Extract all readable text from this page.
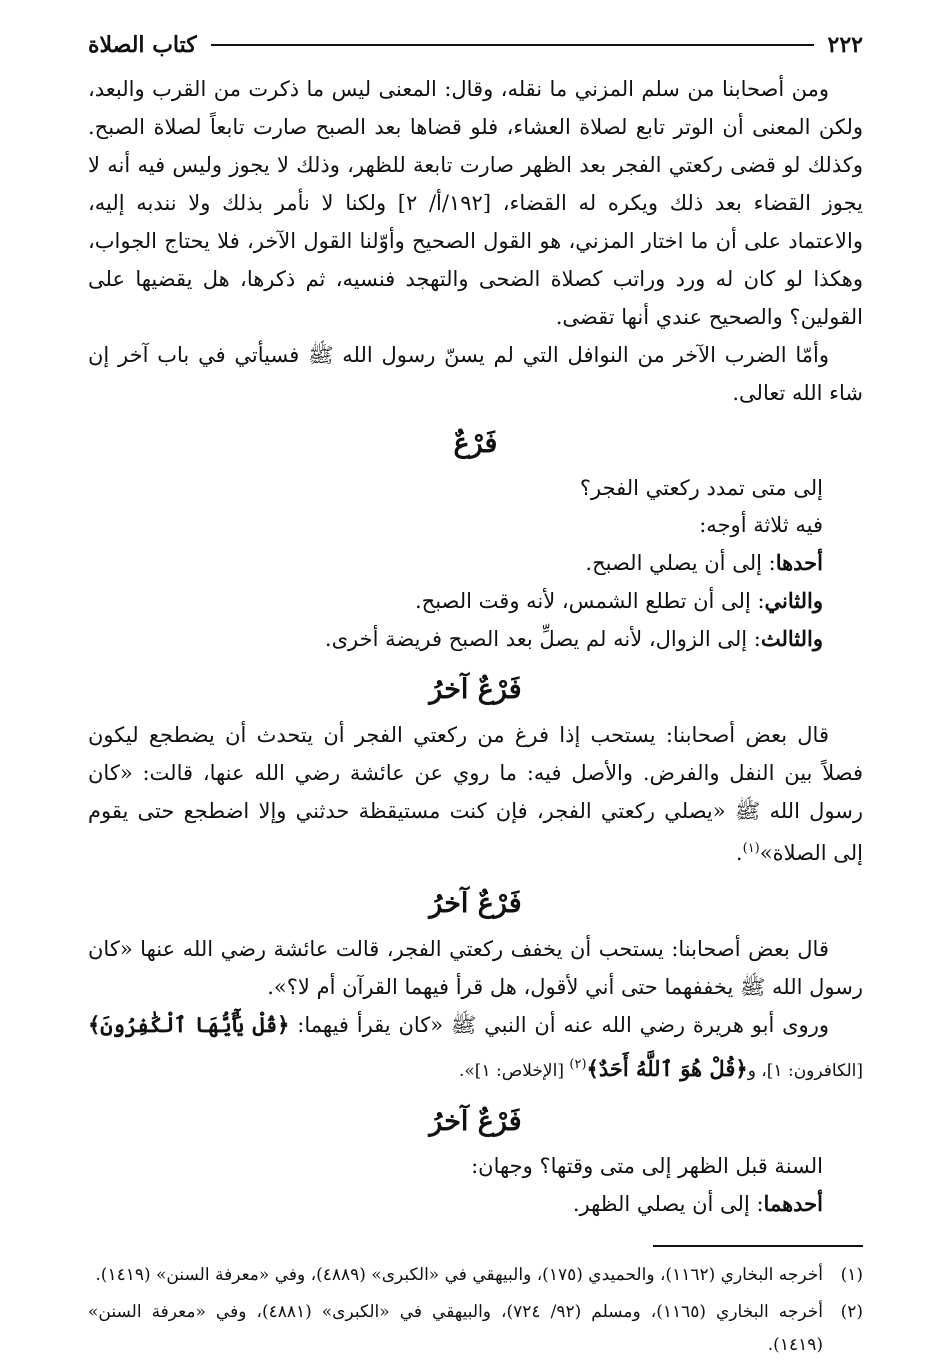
٢٢٢
كتاب الصلاة

ومن أصحابنا من سلم المزني ما نقله، وقال: المعنى ليس ما ذكرت من القرب والبعد، ولكن المعنى أن الوتر تابع لصلاة العشاء، فلو قضاها بعد الصبح صارت تابعاً لصلاة الصبح. وكذلك لو قضى ركعتي الفجر بعد الظهر صارت تابعة للظهر، وذلك لا يجوز وليس فيه أنه لا يجوز القضاء بعد ذلك ويكره له القضاء، [١٩٢/أ/ ٢] ولكنا لا نأمر بذلك ولا نندبه إليه، والاعتماد على أن ما اختار المزني، هو القول الصحيح وأوّلنا القول الآخر، فلا يحتاج الجواب، وهكذا لو كان له ورد وراتب كصلاة الضحى والتهجد فنسيه، ثم ذكرها، هل يقضيها على القولين؟ والصحيح عندي أنها تقضى.

وأمّا الضرب الآخر من النوافل التي لم يسنّ رسول الله ﷺ فسيأتي في باب آخر إن شاء الله تعالى.

فَرْعٌ
إلى متى تمدد ركعتي الفجر؟
فيه ثلاثة أوجه:
أحدها: إلى أن يصلي الصبح.
والثاني: إلى أن تطلع الشمس، لأنه وقت الصبح.
والثالث: إلى الزوال، لأنه لم يصلِّ بعد الصبح فريضة أخرى.
فَرْعٌ آخرُ

قال بعض أصحابنا: يستحب إذا فرغ من ركعتي الفجر أن يتحدث أن يضطجع ليكون فصلاً بين النفل والفرض. والأصل فيه: ما روي عن عائشة رضي الله عنها، قالت: «كان رسول الله ﷺ «يصلي ركعتي الفجر، فإن كنت مستيقظة حدثني وإلا اضطجع حتى يقوم إلى الصلاة»$^{(١)}$.

فَرْعٌ آخرُ

قال بعض أصحابنا: يستحب أن يخفف ركعتي الفجر، قالت عائشة رضي الله عنها «كان رسول الله ﷺ يخففهما حتى أني لأقول، هل قرأ فيهما القرآن أم لا؟».

وروى أبو هريرة رضي الله عنه أن النبي ﷺ «كان يقرأ فيهما: ﴿قُلْ يَٰٓأَيُّهَا ٱلْكَٰفِرُونَ﴾ [الكافرون: ١]، و﴿قُلْ هُوَ ٱللَّهُ أَحَدٌ﴾$^{(٢)}$ [الإخلاص: ١]».

فَرْعٌ آخرُ
السنة قبل الظهر إلى متى وقتها؟ وجهان:
أحدهما: إلى أن يصلي الظهر.
(١)
أخرجه البخاري (١١٦٢)، والحميدي (١٧٥)، والبيهقي في «الكبرى» (٤٨٨٩)، وفي «معرفة السنن» (١٤١٩).
(٢)
أخرجه البخاري (١١٦٥)، ومسلم (٩٢/ ٧٢٤)، والبيهقي في «الكبرى» (٤٨٨١)، وفي «معرفة السنن» (١٤١٩).
